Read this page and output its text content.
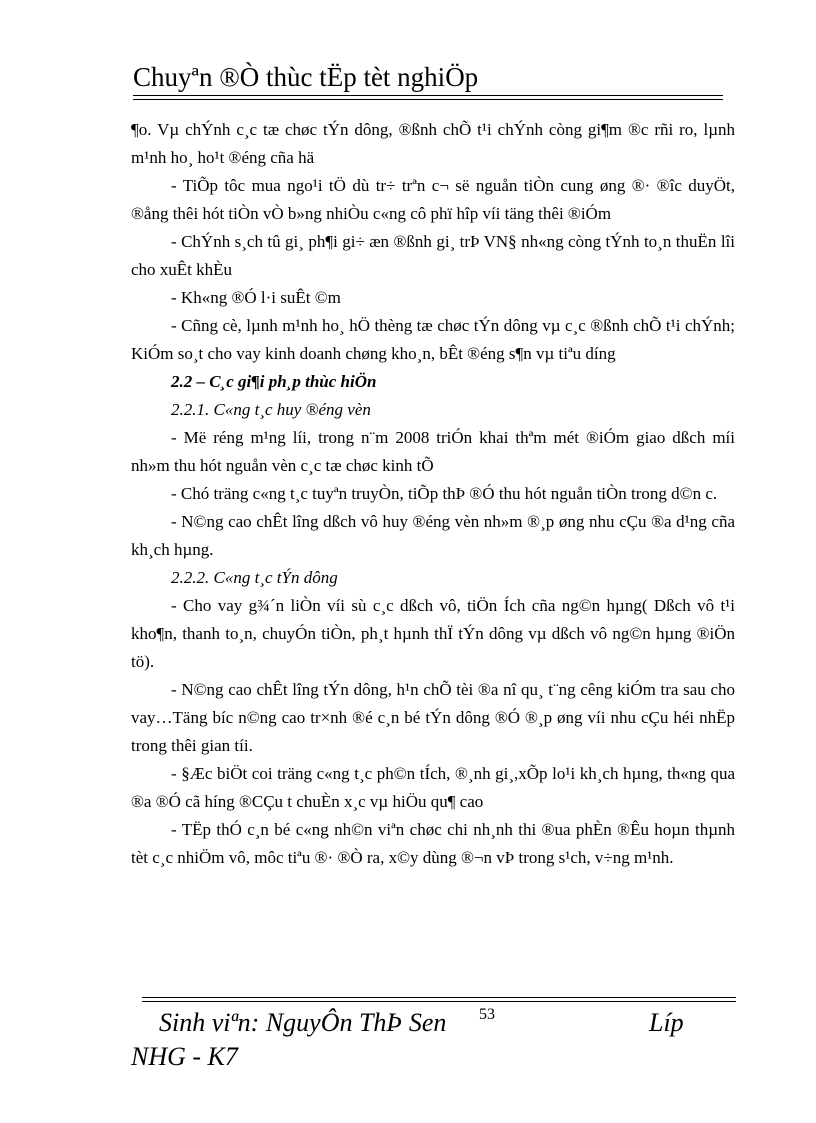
Chuyªn ®Ò thùc tËp tèt nghiÖp

¶o. Vµ chÝnh c¸c tæ chøc tÝn dông, ®ßnh chÕ t¹i chÝnh còng gi¶m ®c rñi ro, lµnh m¹nh ho¸ ho¹t ®éng cña hä

- TiÕp tôc mua ngo¹i tÖ dù tr÷ trªn c¬ së nguån tiÒn cung øng ®· ®îc duyÖt, ®ång thêi hót tiÒn vÒ b»ng nhiÒu c«ng cô phï hîp víi täng thêi ®iÓm

- ChÝnh s¸ch tû gi¸ ph¶i gi÷ æn ®ßnh gi¸ trÞ VN§ nh«ng còng tÝnh to¸n thuËn lîi cho xuÊt khÈu

- Kh«ng ®Ó l·i suÊt ©m

- Cñng cè, lµnh m¹nh ho¸ hÖ thèng tæ chøc tÝn dông vµ c¸c ®ßnh chÕ t¹i chÝnh; KiÓm so¸t cho vay kinh doanh chøng kho¸n, bÊt ®éng s¶n vµ tiªu díng

2.2 – C¸c gi¶i ph¸p thùc hiÖn

2.2.1. C«ng t¸c huy ®éng vèn

- Më réng m¹ng líi, trong n¨m 2008 triÓn khai thªm mét ®iÓm giao dßch míi nh»m thu hót nguån vèn c¸c tæ chøc kinh tÕ

- Chó träng c«ng t¸c tuyªn truyÒn, tiÕp thÞ ®Ó thu hót nguån tiÒn trong d©n c.

- N©ng cao chÊt lîng dßch vô huy ®éng vèn nh»m ®¸p øng nhu cÇu ®a d¹ng cña kh¸ch hµng.

2.2.2. C«ng t¸c tÝn dông

- Cho vay g¾´n liÒn víi sù c¸c dßch vô, tiÖn Ích cña ng©n hµng( Dßch vô t¹i kho¶n, thanh to¸n, chuyÓn tiÒn, ph¸t hµnh thÏ tÝn dông vµ dßch vô ng©n hµng ®iÖn tö).

- N©ng cao chÊt lîng tÝn dông, h¹n chÕ tèi ®a nî qu¸ t¨ng cêng kiÓm tra sau cho vay…Täng bíc n©ng cao tr×nh ®é c¸n bé tÝn dông ®Ó ®¸p øng víi nhu cÇu héi nhËp trong thêi gian tíi.

- §Æc biÖt coi träng c«ng t¸c ph©n tÍch, ®¸nh gi¸,xÕp lo¹i kh¸ch hµng, th«ng qua ®a ®Ó cã híng ®CÇu t chuÈn x¸c vµ hiÖu qu¶ cao

- TËp thÓ c¸n bé c«ng nh©n viªn chøc chi nh¸nh thi ®ua phÈn ®Êu hoµn thµnh tèt c¸c nhiÖm vô, môc tiªu ®· ®Ò ra, x©y dùng ®¬n vÞ trong s¹ch, v÷ng m¹nh.

Sinh viªn: NguyÔn ThÞ Sen 53	Líp
NHG - K7
